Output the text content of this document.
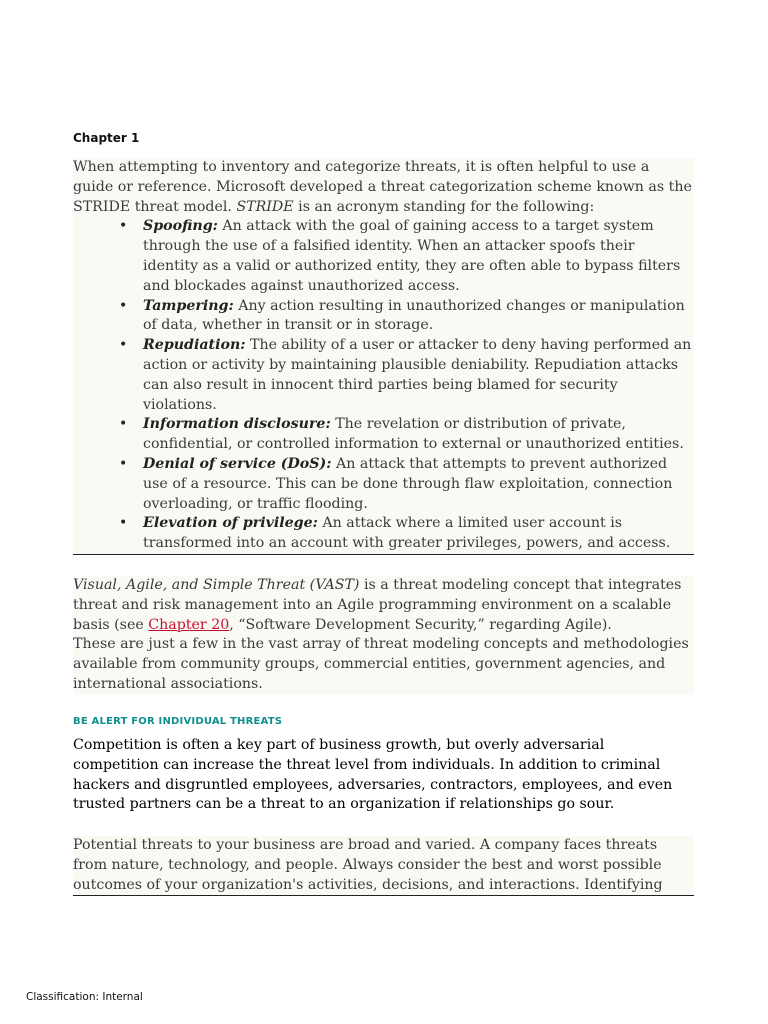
Chapter 1

When attempting to inventory and categorize threats, it is often helpful to use a guide or reference. Microsoft developed a threat categorization scheme known as the STRIDE threat model. STRIDE is an acronym standing for the following:

• Spoofing: An attack with the goal of gaining access to a target system through the use of a falsified identity. When an attacker spoofs their identity as a valid or authorized entity, they are often able to bypass filters and blockades against unauthorized access.
• Tampering: Any action resulting in unauthorized changes or manipulation of data, whether in transit or in storage.
• Repudiation: The ability of a user or attacker to deny having performed an action or activity by maintaining plausible deniability. Repudiation attacks can also result in innocent third parties being blamed for security violations.
• Information disclosure: The revelation or distribution of private, confidential, or controlled information to external or unauthorized entities.
• Denial of service (DoS): An attack that attempts to prevent authorized use of a resource. This can be done through flaw exploitation, connection overloading, or traffic flooding.
• Elevation of privilege: An attack where a limited user account is transformed into an account with greater privileges, powers, and access.

Visual, Agile, and Simple Threat (VAST) is a threat modeling concept that integrates threat and risk management into an Agile programming environment on a scalable basis (see Chapter 20, “Software Development Security,” regarding Agile).

These are just a few in the vast array of threat modeling concepts and methodologies available from community groups, commercial entities, government agencies, and international associations.

BE ALERT FOR INDIVIDUAL THREATS

Competition is often a key part of business growth, but overly adversarial competition can increase the threat level from individuals. In addition to criminal hackers and disgruntled employees, adversaries, contractors, employees, and even trusted partners can be a threat to an organization if relationships go sour.

Potential threats to your business are broad and varied. A company faces threats from nature, technology, and people. Always consider the best and worst possible outcomes of your organization's activities, decisions, and interactions. Identifying

Classification: Internal
